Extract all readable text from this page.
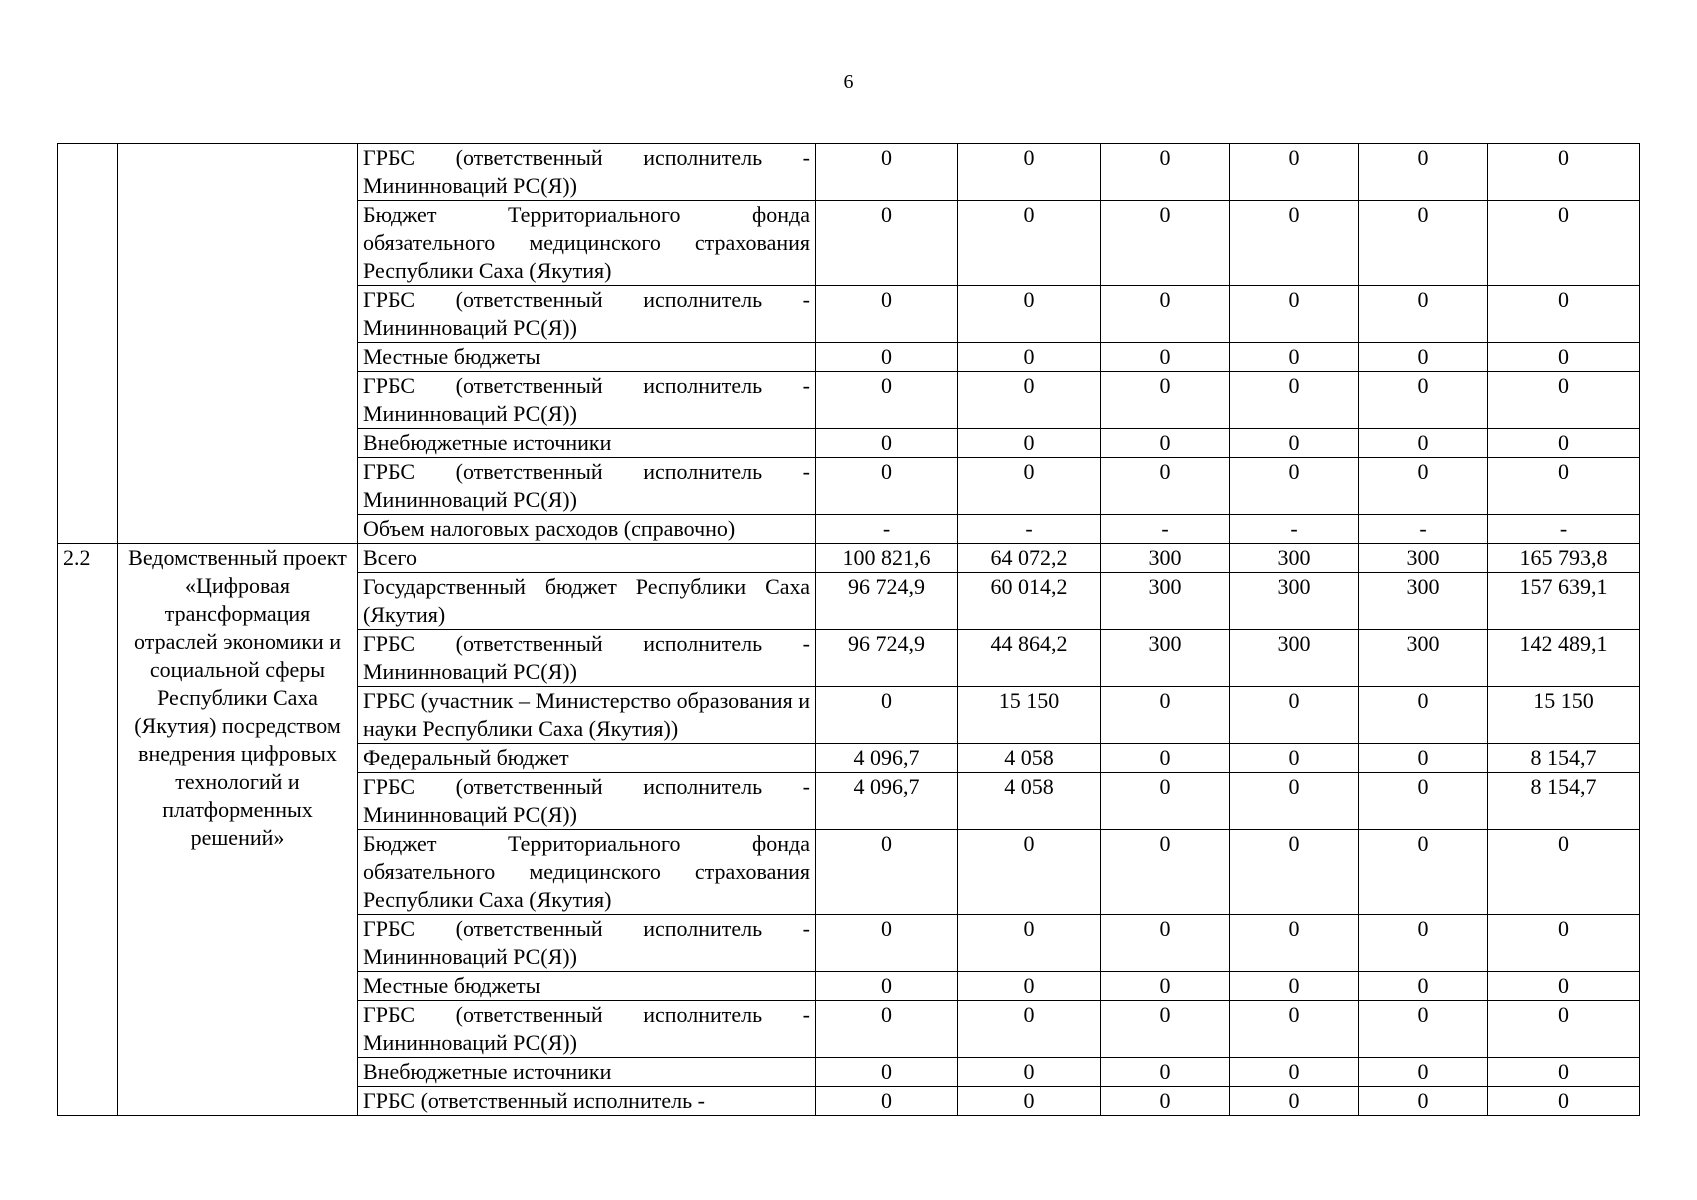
6
		ГРБС (ответственный исполнитель - Мининноваций РС(Я))	0	0	0	0	0	0
		Бюджет Территориального фонда обязательного медицинского страхования Республики Саха (Якутия)	0	0	0	0	0	0
		ГРБС (ответственный исполнитель - Мининноваций РС(Я))	0	0	0	0	0	0
		Местные бюджеты	0	0	0	0	0	0
		ГРБС (ответственный исполнитель - Мининноваций РС(Я))	0	0	0	0	0	0
		Внебюджетные источники	0	0	0	0	0	0
		ГРБС (ответственный исполнитель - Мининноваций РС(Я))	0	0	0	0	0	0
		Объем налоговых расходов (справочно)	-	-	-	-	-	-
2.2	Ведомственный проект «Цифровая трансформация отраслей экономики и социальной сферы Республики Саха (Якутия) посредством внедрения цифровых технологий и платформенных решений»	Всего	100 821,6	64 072,2	300	300	300	165 793,8
		Государственный бюджет Республики Саха (Якутия)	96 724,9	60 014,2	300	300	300	157 639,1
		ГРБС (ответственный исполнитель - Мининноваций РС(Я))	96 724,9	44 864,2	300	300	300	142 489,1
		ГРБС (участник – Министерство образования и науки Республики Саха (Якутия))	0	15 150	0	0	0	15 150
		Федеральный бюджет	4 096,7	4 058	0	0	0	8 154,7
		ГРБС (ответственный исполнитель - Мининноваций РС(Я))	4 096,7	4 058	0	0	0	8 154,7
		Бюджет Территориального фонда обязательного медицинского страхования Республики Саха (Якутия)	0	0	0	0	0	0
		ГРБС (ответственный исполнитель - Мининноваций РС(Я))	0	0	0	0	0	0
		Местные бюджеты	0	0	0	0	0	0
		ГРБС (ответственный исполнитель - Мининноваций РС(Я))	0	0	0	0	0	0
		Внебюджетные источники	0	0	0	0	0	0
		ГРБС (ответственный исполнитель -	0	0	0	0	0	0
